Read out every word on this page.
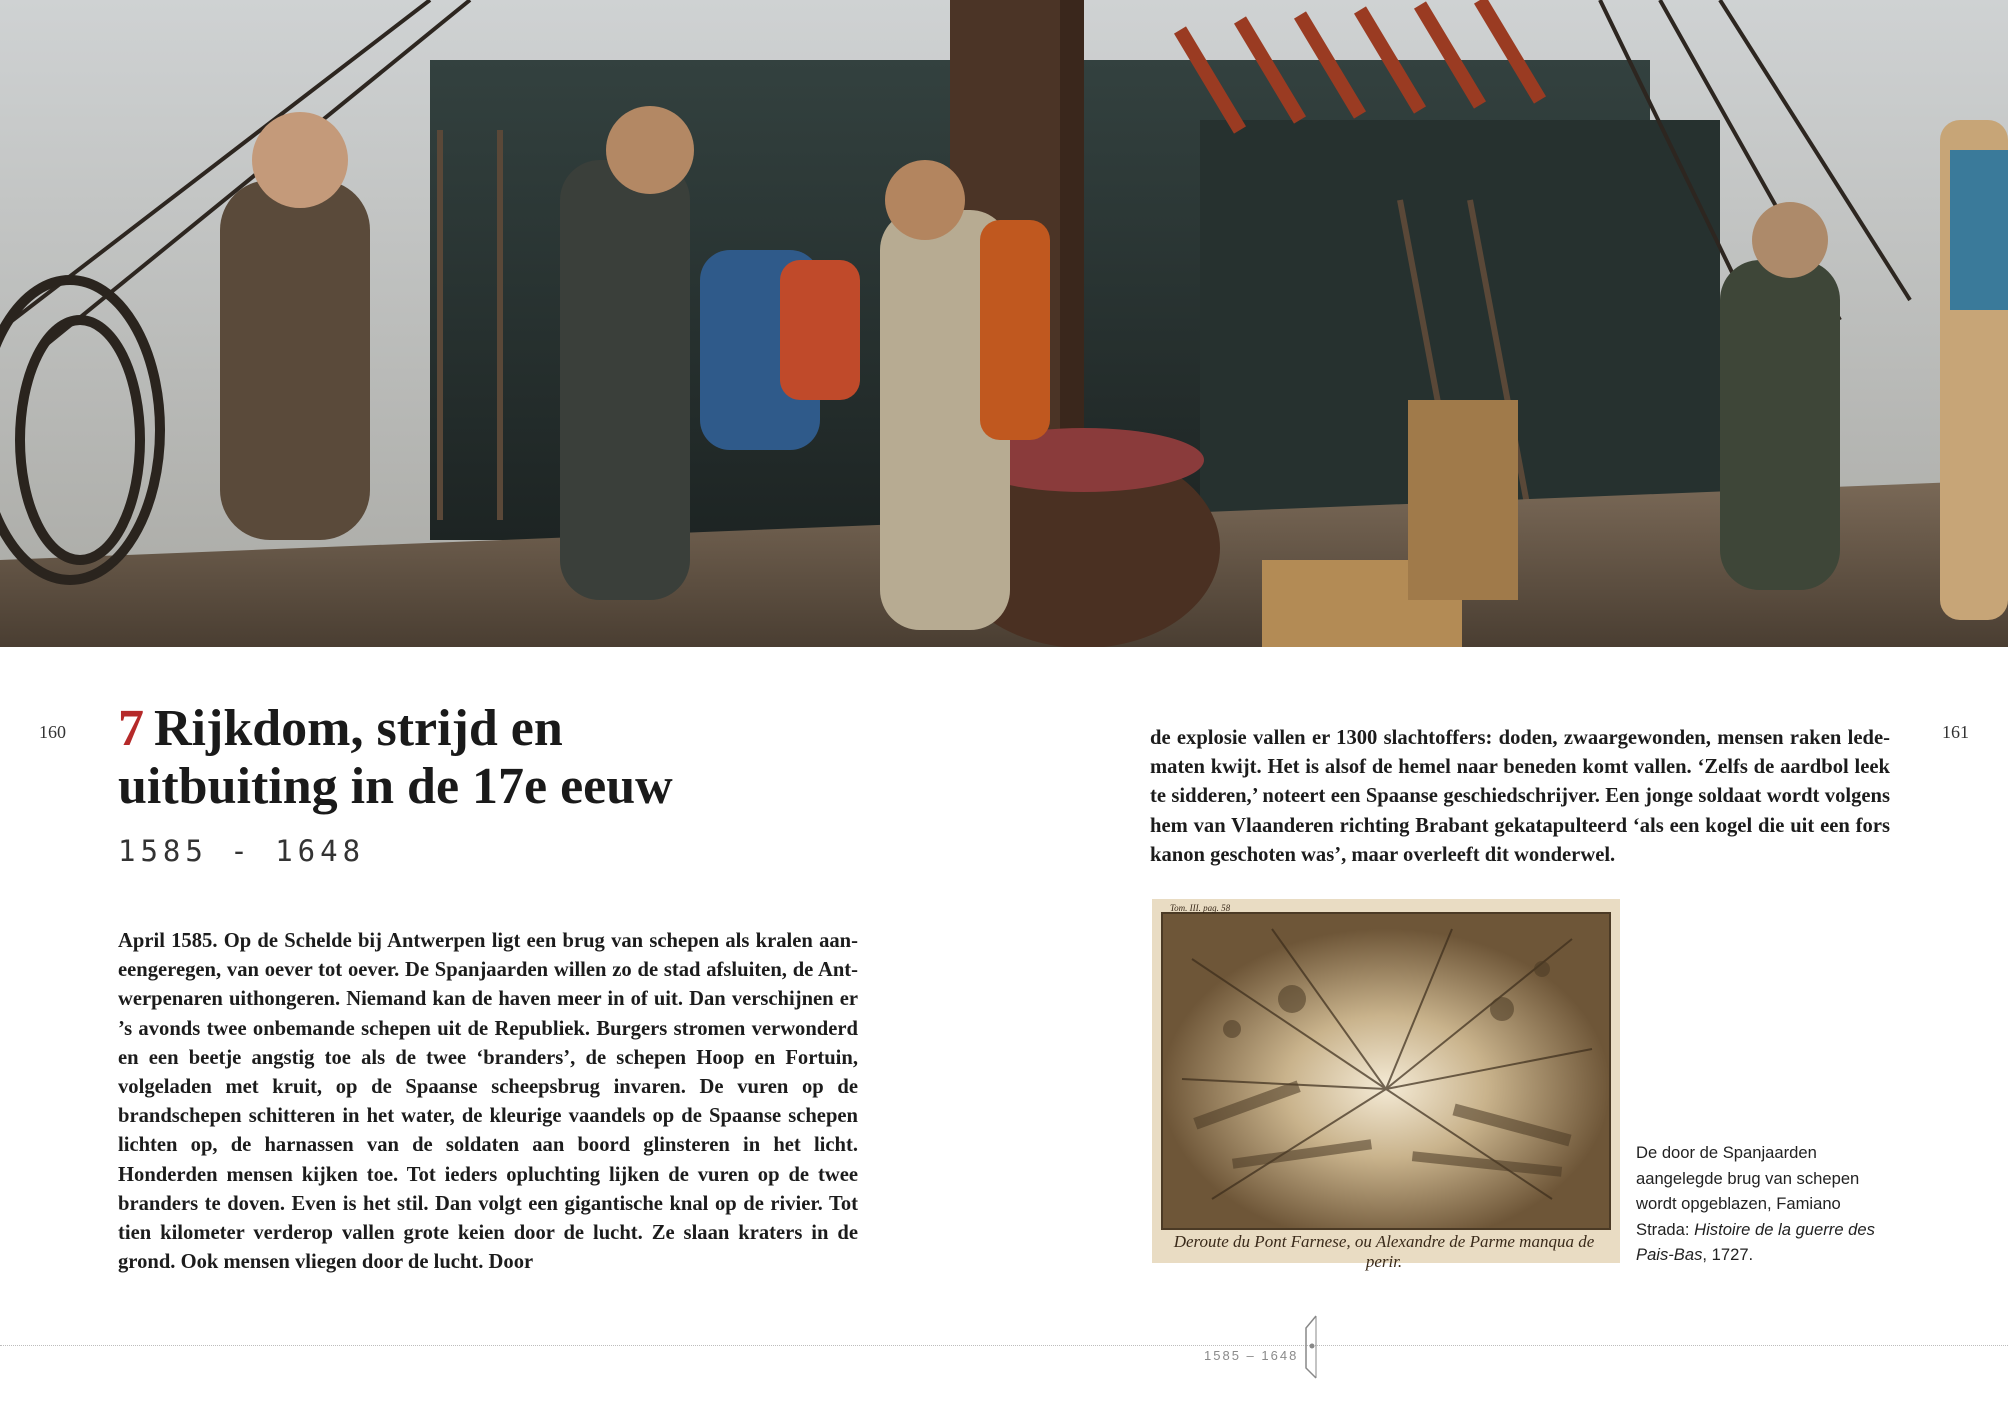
160	161
7 Rijkdom, strijd en
uitbuiting in de 17e eeuw
1585 - 1648

April 1585. Op de Schelde bij Antwerpen ligt een brug van schepen als kralen aaneengeregen, van oever tot oever. De Spanjaarden willen zo de stad afsluiten, de Antwerpenaren uithongeren. Niemand kan de haven meer in of uit. Dan verschijnen er ’s avonds twee onbemande schepen uit de Republiek. Burgers stromen verwonderd en een beetje angstig toe als de twee ‘branders’, de schepen Hoop en Fortuin, volgeladen met kruit, op de Spaanse scheepsbrug invaren. De vuren op de brandschepen schitteren in het water, de kleurige vaandels op de Spaanse schepen lichten op, de harnassen van de soldaten aan boord glinsteren in het licht. Honderden mensen kijken toe. Tot ieders opluchting lijken de vuren op de twee branders te doven. Even is het stil. Dan volgt een gigantische knal op de rivier. Tot tien kilometer verderop vallen grote keien door de lucht. Ze slaan kraters in de grond. Ook mensen vliegen door de lucht. Door

de explosie vallen er 1300 slachtoffers: doden, zwaargewonden, mensen raken ledematen kwijt. Het is alsof de hemel naar beneden komt vallen. ‘Zelfs de aardbol leek te sidderen,’ noteert een Spaanse geschiedschrijver. Een jonge soldaat wordt volgens hem van Vlaanderen richting Brabant gekatapulteerd ‘als een kogel die uit een fors kanon geschoten was’, maar overleeft dit wonderwel.

Tom. III. pag. 58
Deroute du Pont Farnese, ou Alexandre de Parme manqua de perir.
De door de Spanjaarden aangelegde brug van schepen wordt opgeblazen, Famiano Strada: Histoire de la guerre des Pais-Bas, 1727.
1585 – 1648
